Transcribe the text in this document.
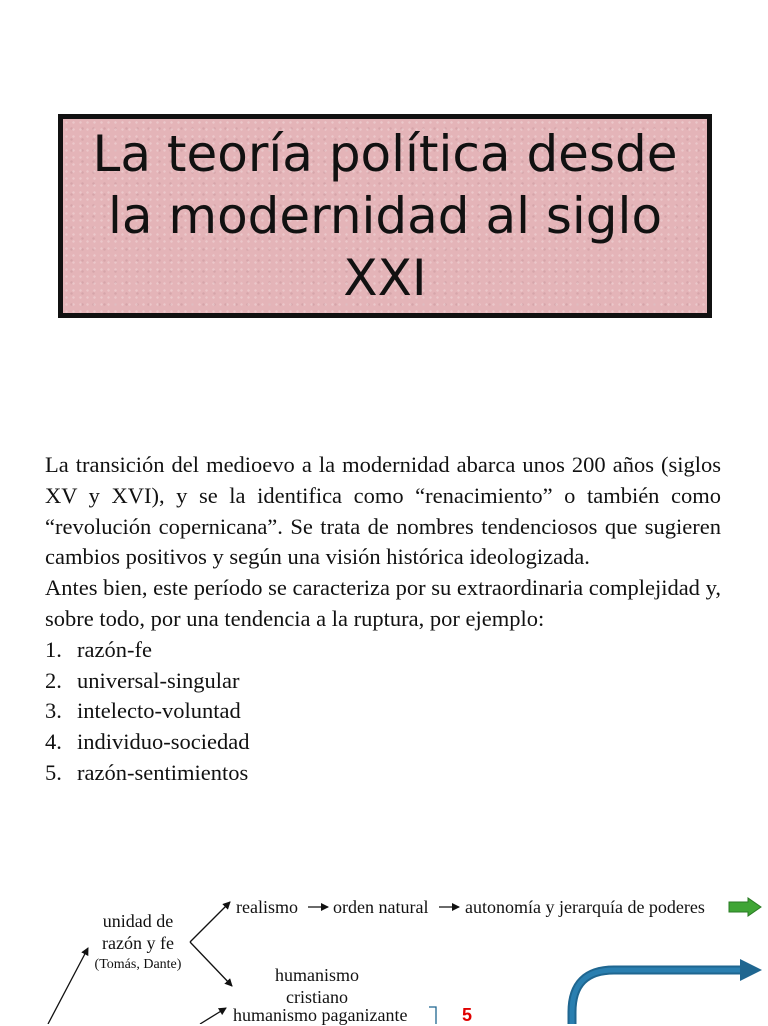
La teoría política desde
la modernidad al siglo
XXI

La transición del medioevo a la modernidad abarca unos 200 años (siglos XV y XVI), y se la identifica como “renacimiento” o también como “revolución copernicana”. Se trata de nombres tendenciosos que sugieren cambios positivos y según una visión histórica ideologizada.

Antes bien, este período se caracteriza por su extraordinaria complejidad y, sobre todo, por una tendencia a la ruptura, por ejemplo:

1. razón-fe
2. universal-singular
3. intelecto-voluntad
4. individuo-sociedad
5. razón-sentimientos
unidad de
razón y fe
(Tomás, Dante)
realismo orden natural autonomía y jerarquía de poderes
humanismo
cristiano
humanismo paganizante	5
